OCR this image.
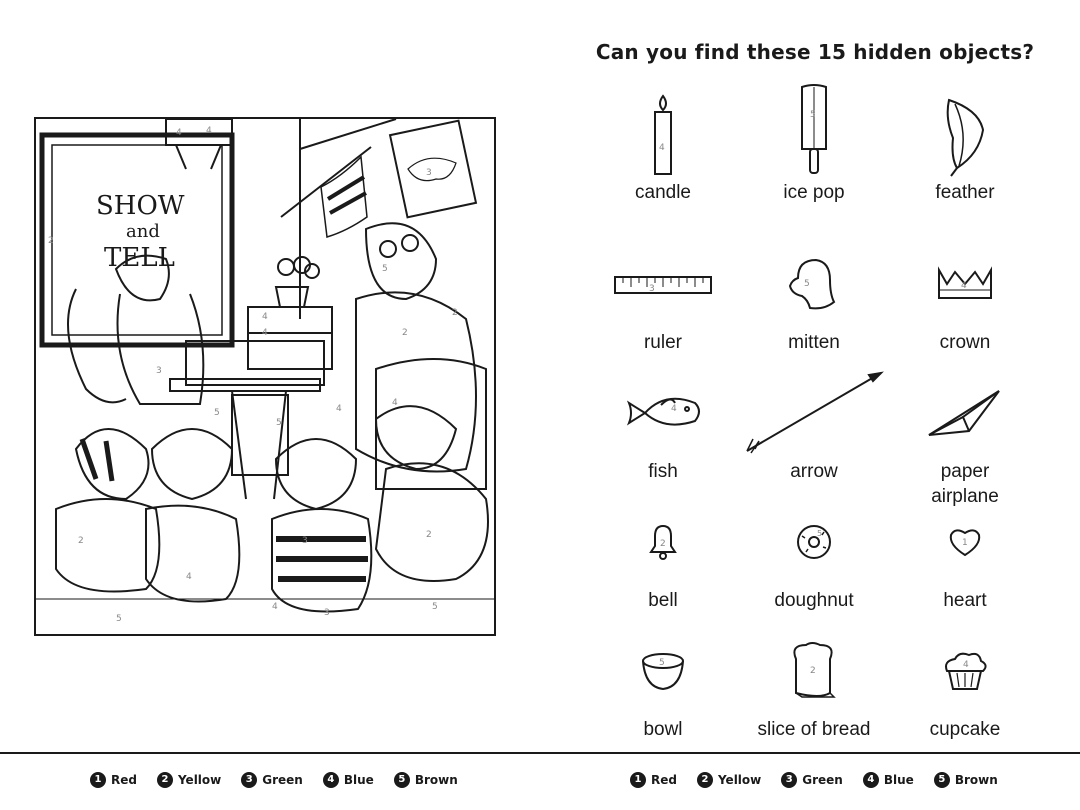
4	4
3
2
5
2
2
3
5
5
4
4
4
4
2
4
3
2
4
3
5
5
SHOW
and
TELL
Can you find these 15 hidden objects?
4
candle
5
ice pop	feather
3
ruler
5
mitten
4
crown
4
fish	arrow	paper
airplane
2
bell
5
doughnut
1
heart
5
bowl
2
slice of bread
4
cupcake
1 Red	2 Yellow	3 Green	4 Blue	5 Brown	1 Red	2 Yellow	3 Green	4 Blue	5 Brown
